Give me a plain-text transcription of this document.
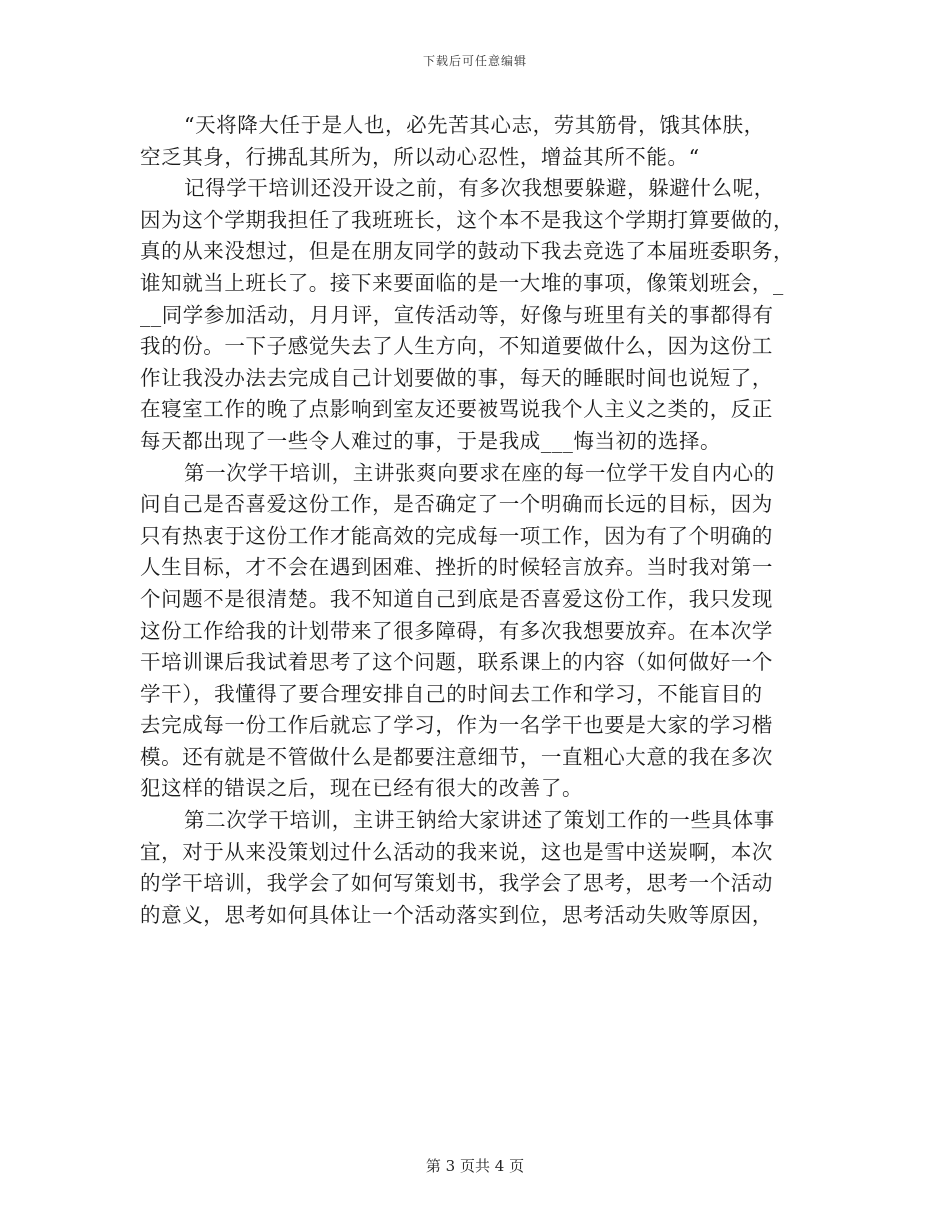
下载后可任意编辑
“天将降大任于是人也，必先苦其心志，劳其筋骨，饿其体肤，
空乏其身，行拂乱其所为，所以动心忍性，增益其所不能。“
记得学干培训还没开设之前，有多次我想要躲避，躲避什么呢，
因为这个学期我担任了我班班长，这个本不是我这个学期打算要做的，
真的从来没想过，但是在朋友同学的鼓动下我去竞选了本届班委职务，
谁知就当上班长了。接下来要面临的是一大堆的事项，像策划班会，_
__同学参加活动，月月评，宣传活动等，好像与班里有关的事都得有
我的份。一下子感觉失去了人生方向，不知道要做什么，因为这份工
作让我没办法去完成自己计划要做的事，每天的睡眠时间也说短了，
在寝室工作的晚了点影响到室友还要被骂说我个人主义之类的，反正
每天都出现了一些令人难过的事，于是我成___悔当初的选择。
第一次学干培训，主讲张爽向要求在座的每一位学干发自内心的
问自己是否喜爱这份工作，是否确定了一个明确而长远的目标，因为
只有热衷于这份工作才能高效的完成每一项工作，因为有了个明确的
人生目标，才不会在遇到困难、挫折的时候轻言放弃。当时我对第一
个问题不是很清楚。我不知道自己到底是否喜爱这份工作，我只发现
这份工作给我的计划带来了很多障碍，有多次我想要放弃。在本次学
干培训课后我试着思考了这个问题，联系课上的内容（如何做好一个
学干），我懂得了要合理安排自己的时间去工作和学习，不能盲目的
去完成每一份工作后就忘了学习，作为一名学干也要是大家的学习楷
模。还有就是不管做什么是都要注意细节，一直粗心大意的我在多次
犯这样的错误之后，现在已经有很大的改善了。
第二次学干培训，主讲王钠给大家讲述了策划工作的一些具体事
宜，对于从来没策划过什么活动的我来说，这也是雪中送炭啊，本次
的学干培训，我学会了如何写策划书，我学会了思考，思考一个活动
的意义，思考如何具体让一个活动落实到位，思考活动失败等原因，
第 3 页共 4 页
